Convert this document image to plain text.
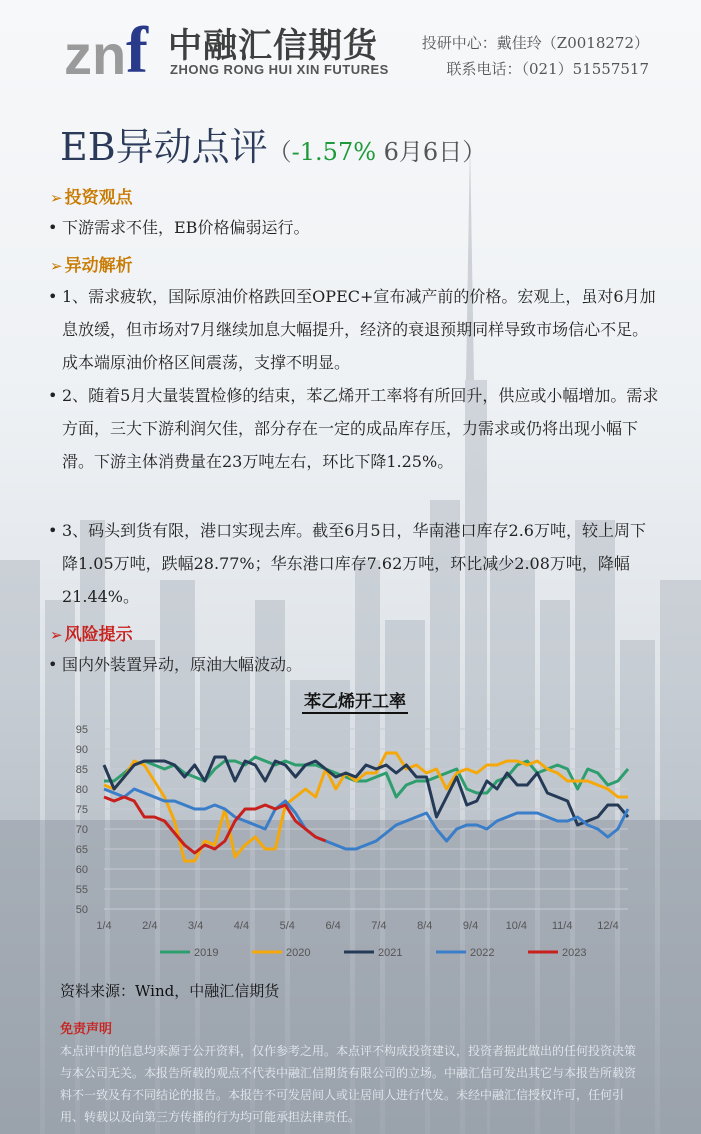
zn f 中融汇信期货
ZHONG RONG HUI XIN FUTURES
投研中心：戴佳玲（Z0018272）
联系电话：（021）51557517
EB异动点评（-1.57% 6月6日）
➢ 投资观点
• 下游需求不佳，EB价格偏弱运行。
➢ 异动解析
• 1、需求疲软，国际原油价格跌回至OPEC+宣布减产前的价格。宏观上，虽对6月加息放缓，但市场对7月继续加息大幅提升，经济的衰退预期同样导致市场信心不足。成本端原油价格区间震荡，支撑不明显。
• 2、随着5月大量装置检修的结束，苯乙烯开工率将有所回升，供应或小幅增加。需求方面，三大下游利润欠佳，部分存在一定的成品库存压，力需求或仍将出现小幅下滑。下游主体消费量在23万吨左右，环比下降1.25%。
• 3、码头到货有限，港口实现去库。截至6月5日，华南港口库存2.6万吨，较上周下降1.05万吨，跌幅28.77%；华东港口库存7.62万吨，环比减少2.08万吨，降幅21.44%。
➢ 风险提示
• 国内外装置异动，原油大幅波动。
苯乙烯开工率
50
55
60
65
70
75
80
85
90
95
1/4	2/4	3/4	4/4	5/4	6/4	7/4	8/4	9/4 10/4 11/4 12/4
2019	2020	2021	2022	2023
资料来源：Wind，中融汇信期货
免责声明
本点评中的信息均来源于公开资料，仅作参考之用。本点评不构成投资建议，投资者据此做出的任何投资决策与本公司无关。本报告所载的观点不代表中融汇信期货有限公司的立场。中融汇信可发出其它与本报告所载资料不一致及有不同结论的报告。本报告不可发居间人或让居间人进行代发。未经中融汇信授权许可，任何引用、转载以及向第三方传播的行为均可能承担法律责任。
